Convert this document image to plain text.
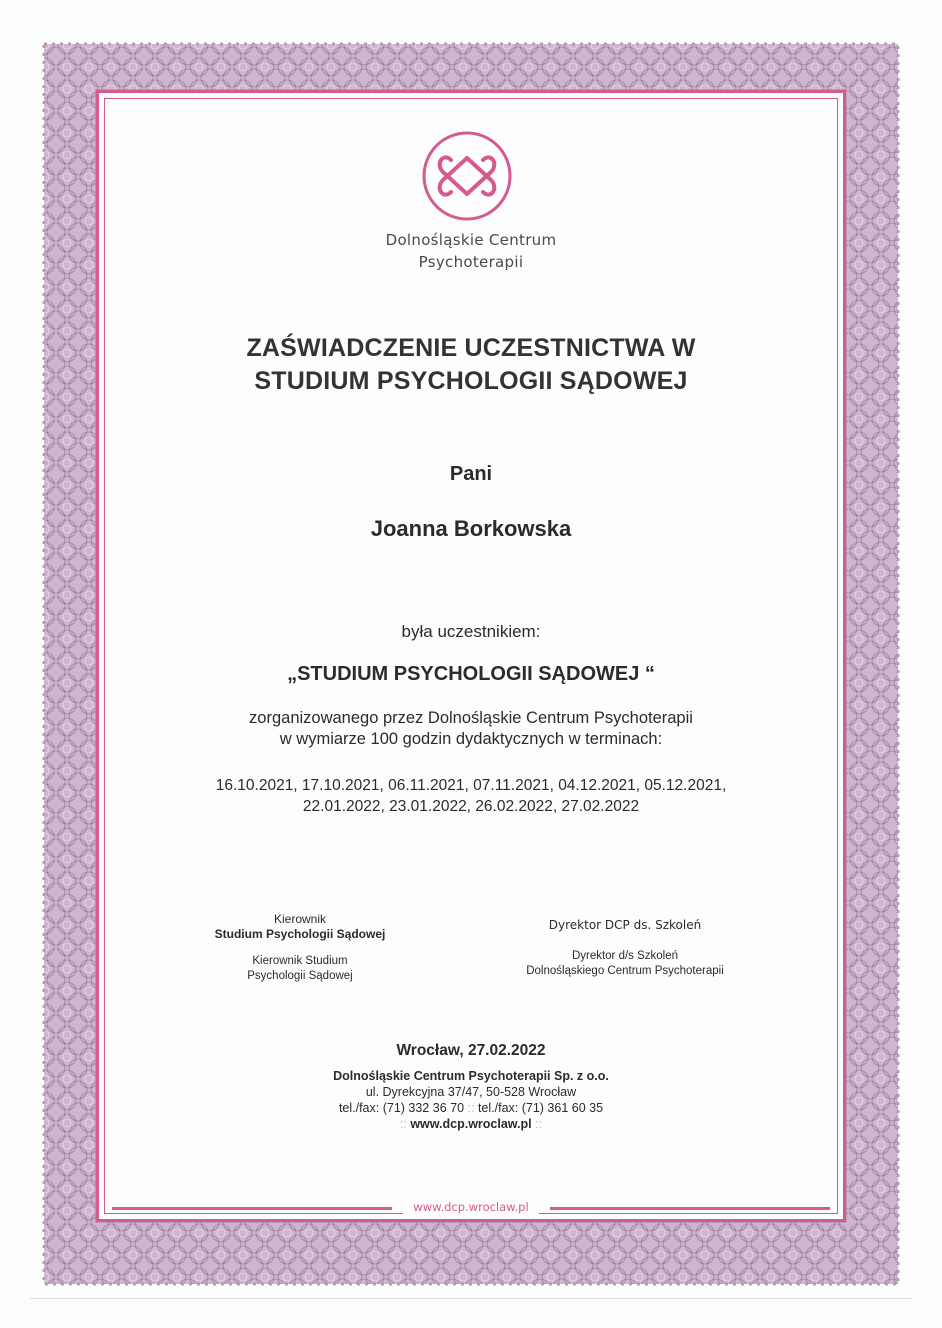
Dolnośląskie Centrum
Psychoterapii
ZAŚWIADCZENIE UCZESTNICTWA W
STUDIUM PSYCHOLOGII SĄDOWEJ
Pani
Joanna Borkowska
była uczestnikiem:
„STUDIUM PSYCHOLOGII SĄDOWEJ “
zorganizowanego przez Dolnośląskie Centrum Psychoterapii
w wymiarze 100 godzin dydaktycznych w terminach:
16.10.2021, 17.10.2021, 06.11.2021, 07.11.2021, 04.12.2021, 05.12.2021,
22.01.2022, 23.01.2022, 26.02.2022, 27.02.2022
Kierownik
Studium Psychologii Sądowej
Kierownik Studium
Psychologii Sądowej
Dyrektor DCP ds. Szkoleń
Dyrektor d/s Szkoleń
Dolnośląskiego Centrum Psychoterapii
Wrocław, 27.02.2022
Dolnośląskie Centrum Psychoterapii Sp. z o.o.
ul. Dyrekcyjna 37/47, 50-528 Wrocław
tel./fax: (71) 332 36 70 :: tel./fax: (71) 361 60 35
:: www.dcp.wroclaw.pl ::
www.dcp.wroclaw.pl
